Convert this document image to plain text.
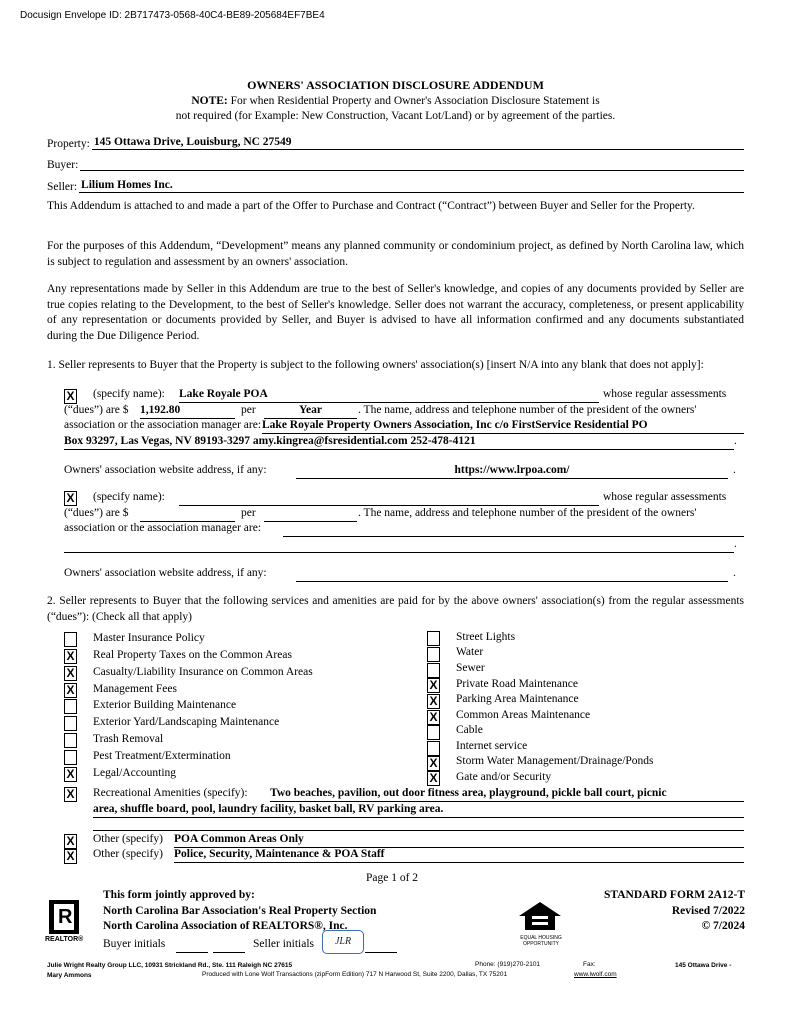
Docusign Envelope ID: 2B717473-0568-40C4-BE89-205684EF7BE4
OWNERS' ASSOCIATION DISCLOSURE ADDENDUM
NOTE: For when Residential Property and Owner's Association Disclosure Statement is
not required (for Example: New Construction, Vacant Lot/Land) or by agreement of the parties.
Property: 145 Ottawa Drive, Louisburg, NC 27549
Buyer:
Seller: Lilium Homes Inc.
This Addendum is attached to and made a part of the Offer to Purchase and Contract (“Contract”) between Buyer and Seller for the Property.
For the purposes of this Addendum, “Development” means any planned community or condominium project, as defined by North Carolina law, which is subject to regulation and assessment by an owners' association.
Any representations made by Seller in this Addendum are true to the best of Seller's knowledge, and copies of any documents provided by Seller are true copies relating to the Development, to the best of Seller's knowledge. Seller does not warrant the accuracy, completeness, or present applicability of any representation or documents provided by Seller, and Buyer is advised to have all information confirmed and any documents substantiated during the Due Diligence Period.
1. Seller represents to Buyer that the Property is subject to the following owners' association(s) [insert N/A into any blank that does not apply]:
X (specify name): Lake Royale POA	whose regular assessments
(“dues”) are $ 1,192.80	per	Year	. The name, address and telephone number of the president of the owners'
association or the association manager are: Lake Royale Property Owners Association, Inc c/o FirstService Residential PO
Box 93297, Las Vegas, NV 89193-3297 amy.kingrea@fsresidential.com 252-478-4121	.
Owners' association website address, if any:	https://www.lrpoa.com/	.
X (specify name):	whose regular assessments
(“dues”) are $	per	. The name, address and telephone number of the president of the owners'
association or the association manager are:
.
Owners' association website address, if any:	.
2. Seller represents to Buyer that the following services and amenities are paid for by the above owners' association(s) from the regular assessments (“dues”): (Check all that apply)
Master Insurance Policy
X Real Property Taxes on the Common Areas
X Casualty/Liability Insurance on Common Areas
X Management Fees
Exterior Building Maintenance
Exterior Yard/Landscaping Maintenance
Trash Removal
Pest Treatment/Extermination
X Legal/Accounting
Street Lights
Water
Sewer
X Private Road Maintenance
X Parking Area Maintenance
X Common Areas Maintenance
Cable
Internet service
X Storm Water Management/Drainage/Ponds
X Gate and/or Security
X Recreational Amenities (specify): Two beaches, pavilion, out door fitness area, playground, pickle ball court, picnic
area, shuffle board, pool, laundry facility, basket ball, RV parking area.
X Other (specify) POA Common Areas Only
X Other (specify) Police, Security, Maintenance & POA Staff
Page 1 of 2
This form jointly approved by:
North Carolina Bar Association's Real Property Section
North Carolina Association of REALTORS®, Inc.
STANDARD FORM 2A12-T
Revised 7/2022
© 7/2024
R
REALTOR®	EQUAL HOUSING OPPORTUNITY
Buyer initials	Seller initials	JLR
Julie Wright Realty Group LLC, 10931 Strickland Rd., Ste. 111 Raleigh NC 27615	Phone: (919)270-2101	Fax:	145 Ottawa Drive -
Mary Ammons	Produced with Lone Wolf Transactions (zipForm Edition) 717 N Harwood St, Suite 2200, Dallas, TX 75201	www.lwolf.com
